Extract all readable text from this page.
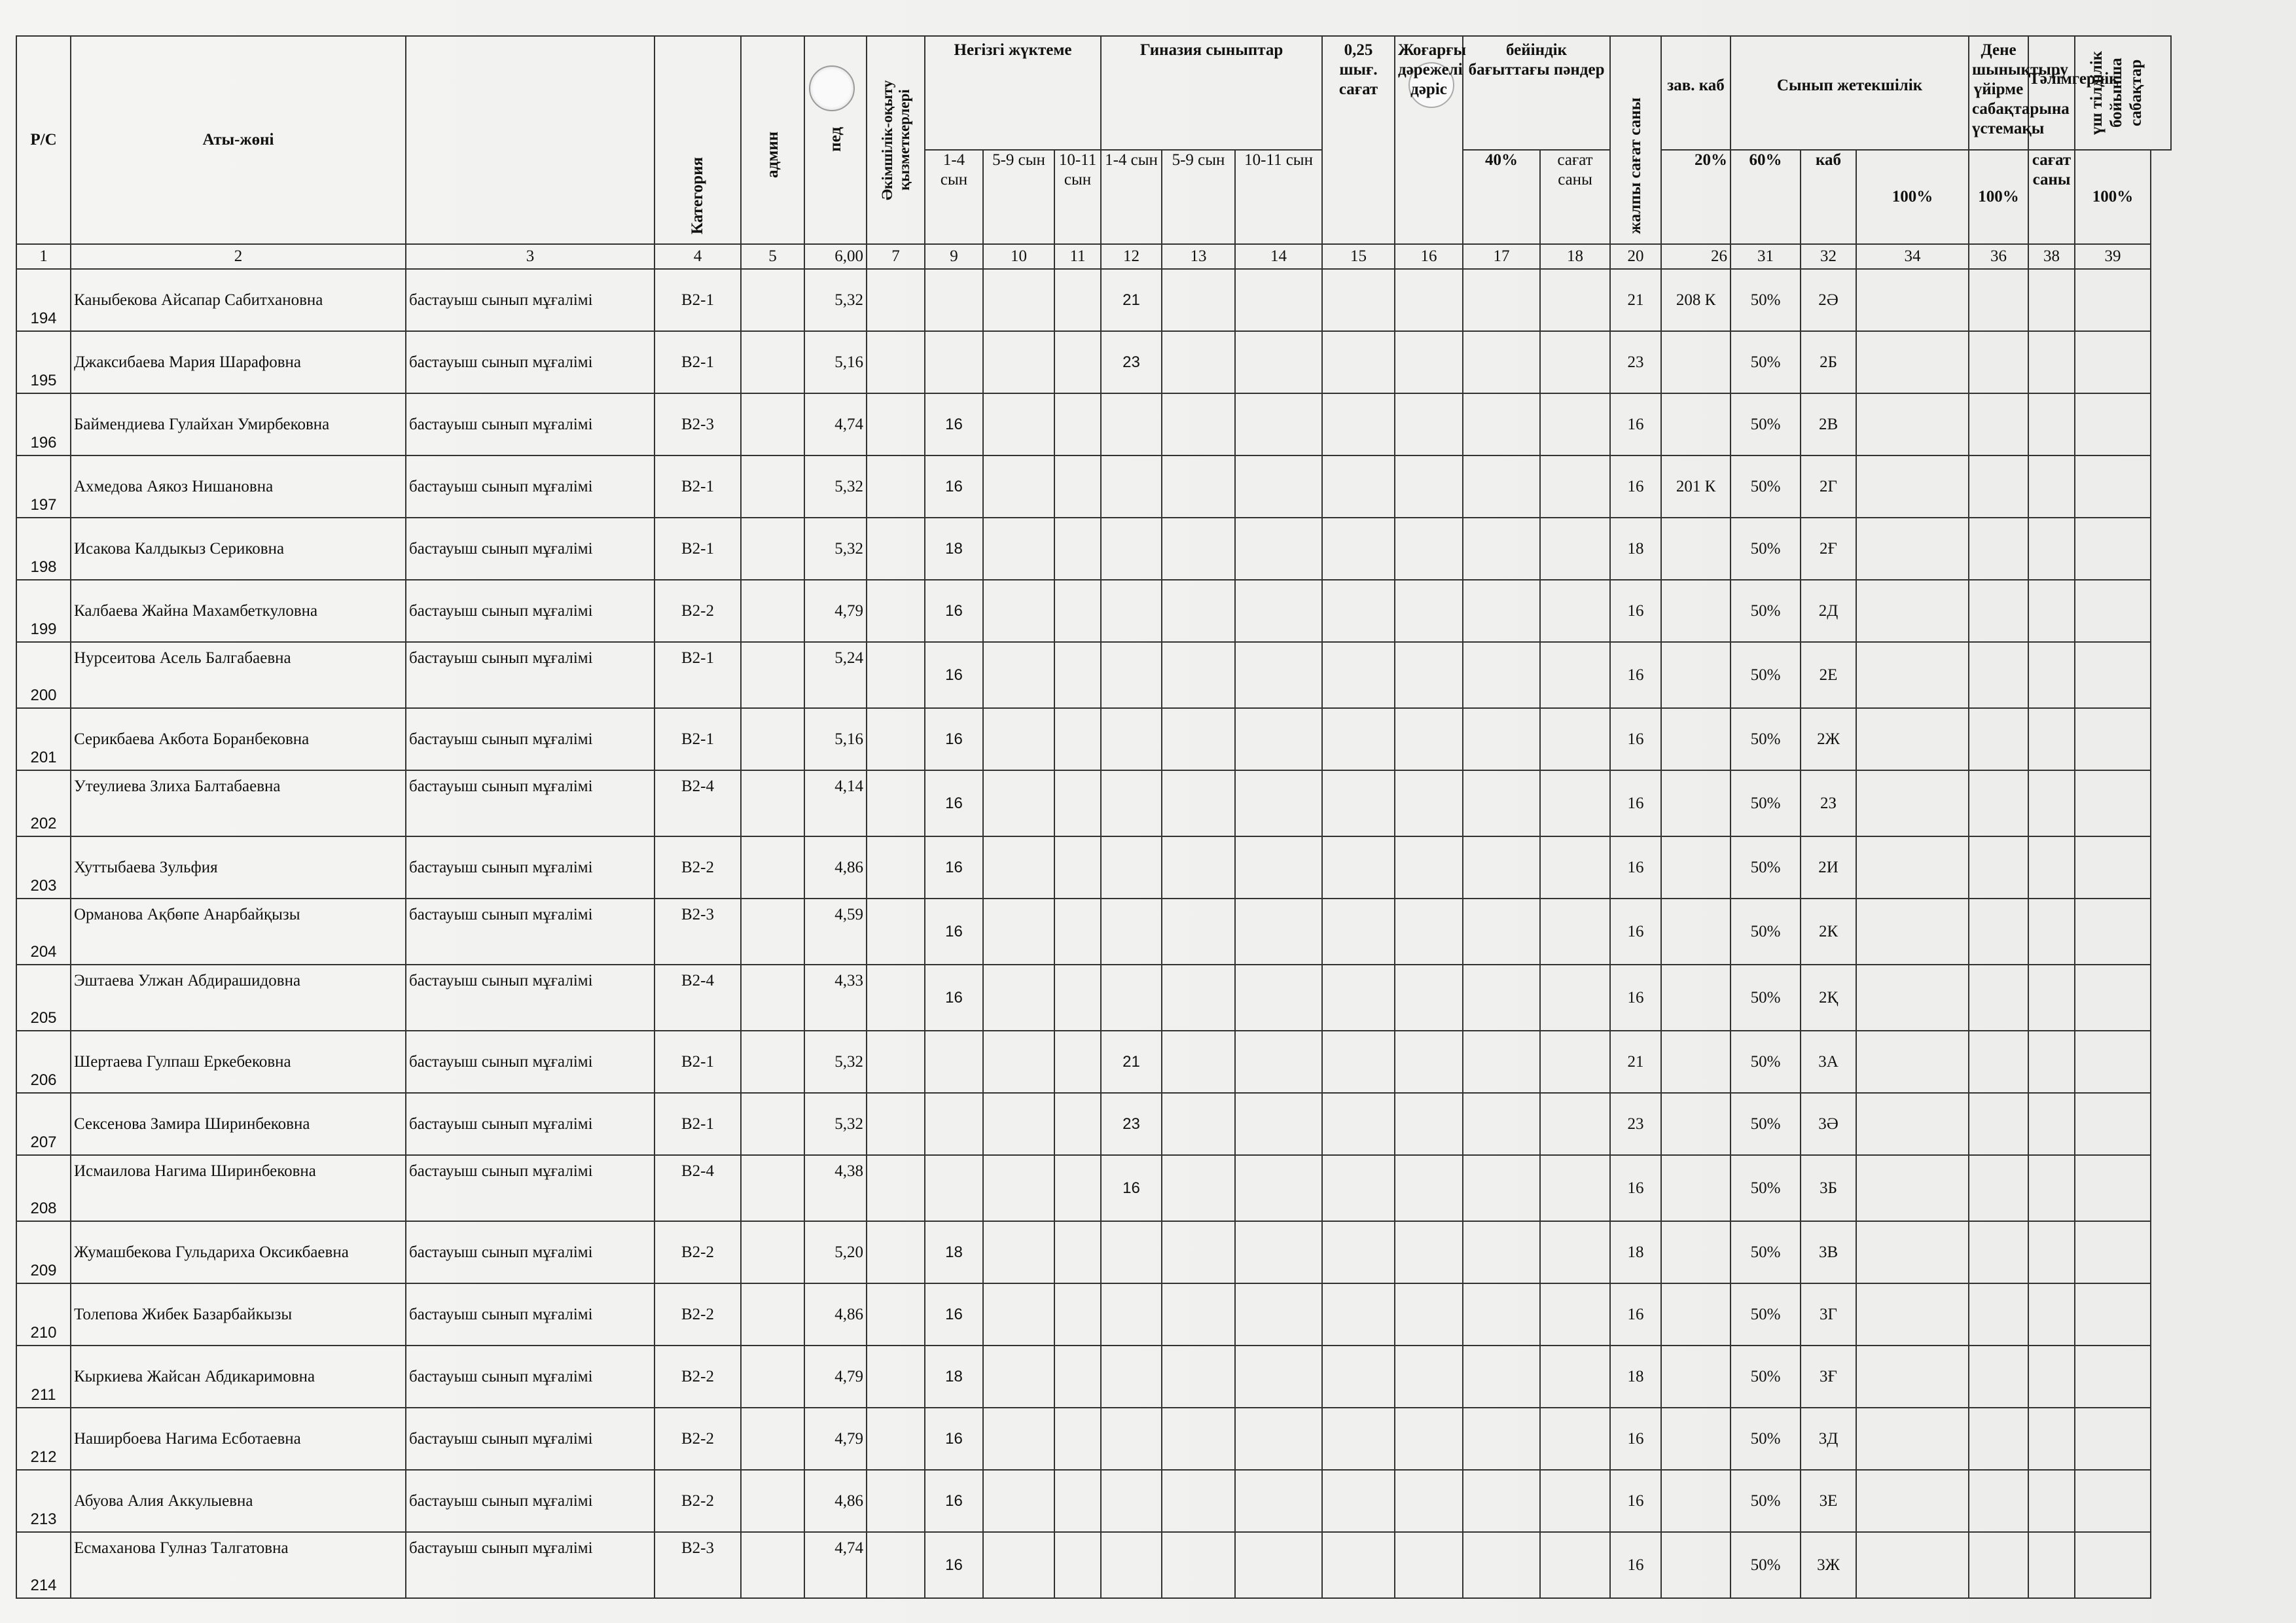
Р/С	Аты-жөні		Категория	админ	пед	Әкімшілік-оқыту қызметкерлері	Негізгі жүктеме			Гиназия сыныптар			0,25 шығ. сағат	Жоғарғы дәрежелі дәріс	бейіндік бағыттағы пәндер		жалпы сағат саны	зав. каб	Сынып жетекшілік			Дене шынықтыру үйірме сабақтарына үстемақы	Тәлімгерлік	үш тілділік бойынша сабақтар

							1-4 сын	5-9 сын	10-11 сын	1-4 сын	5-9 сын	10-11 сын			40%	сағат саны		20%	60%	каб	100%	100%	сағат саны	100%
1	2	3	4	5	6,00	7	9	10	11	12	13	14	15	16	17	18	20	26	31	32	34	36	38	39
194	Каныбекова Айсапар Сабитхановна	бастауыш сынып мұғалімі	В2-1		5,32					21							21	208 К	50%	2Ә				
195	Джаксибаева Мария Шарафовна	бастауыш сынып мұғалімі	В2-1		5,16					23							23		50%	2Б				
196	Баймендиева Гулайхан Умирбековна	бастауыш сынып мұғалімі	В2-3		4,74		16										16		50%	2В				
197	Ахмедова Аякоз Нишановна	бастауыш сынып мұғалімі	В2-1		5,32		16										16	201 К	50%	2Г				
198	Исакова Калдыкыз Сериковна	бастауыш сынып мұғалімі	В2-1		5,32		18										18		50%	2Ғ				
199	Калбаева Жайна Махамбеткуловна	бастауыш сынып мұғалімі	В2-2		4,79		16										16		50%	2Д				
200	Нурсеитова Асель Балгабаевна	бастауыш сынып мұғалімі	В2-1		5,24		16										16		50%	2Е				
201	Серикбаева Акбота Боранбековна	бастауыш сынып мұғалімі	В2-1		5,16		16										16		50%	2Ж				
202	Утеулиева Злиха Балтабаевна	бастауыш сынып мұғалімі	В2-4		4,14		16										16		50%	2З				
203	Хуттыбаева Зульфия	бастауыш сынып мұғалімі	В2-2		4,86		16										16		50%	2И				
204	Орманова Ақбөпе Анарбайқызы	бастауыш сынып мұғалімі	В2-3		4,59		16										16		50%	2К				
205	Эштаева Улжан Абдирашидовна	бастауыш сынып мұғалімі	В2-4		4,33		16										16		50%	2Қ				
206	Шертаева Гулпаш Еркебековна	бастауыш сынып мұғалімі	В2-1		5,32					21							21		50%	3А				
207	Сексенова Замира Ширинбековна	бастауыш сынып мұғалімі	В2-1		5,32					23							23		50%	3Ә				
208	Исмаилова Нагима Ширинбековна	бастауыш сынып мұғалімі	В2-4		4,38					16							16		50%	3Б				
209	Жумашбекова Гульдариха Оксикбаевна	бастауыш сынып мұғалімі	В2-2		5,20		18										18		50%	3В				
210	Толепова Жибек Базарбайкызы	бастауыш сынып мұғалімі	В2-2		4,86		16										16		50%	3Г				
211	Кыркиева Жайсан Абдикаримовна	бастауыш сынып мұғалімі	В2-2		4,79		18										18		50%	3Ғ				
212	Наширбоева Нагима Есботаевна	бастауыш сынып мұғалімі	В2-2		4,79		16										16		50%	3Д				
213	Абуова Алия Аккулыевна	бастауыш сынып мұғалімі	В2-2		4,86		16										16		50%	3Е				
214	Есмаханова Гулназ Талгатовна	бастауыш сынып мұғалімі	В2-3		4,74		16										16		50%	3Ж				
